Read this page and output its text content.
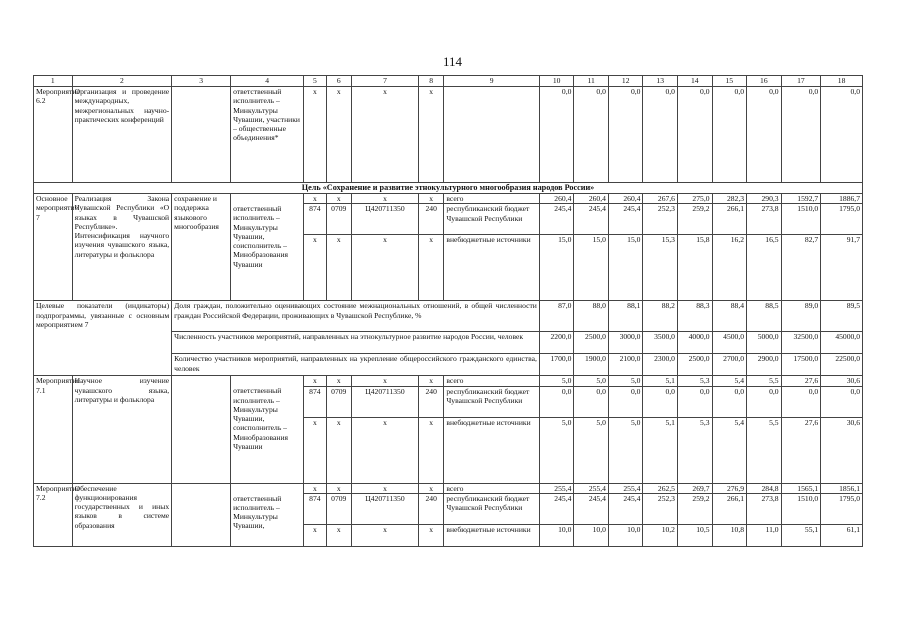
114
1	2	3	4	5	6	7	8	9	10	11	12	13	14	15	16	17	18
Мероприятие 6.2	Организация и проведение международных, межрегиональных научно-практических конференций		ответственный исполнитель – Минкультуры Чувашии, участники – общественные объединения*	x	x	x	x		0,0	0,0	0,0	0,0	0,0	0,0	0,0	0,0	0,0
Цель «Сохранение и развитие этнокультурного многообразия народов России»																	
Основное мероприятие 7	Реализация Закона Чувашской Республики «О языках в Чувашской Республике». Интенсификация научного изучения чувашского языка, литературы и фольклора	сохранение и поддержка языкового многообразия	ответственный исполнитель – Минкультуры Чувашии, соисполнитель – Минобразования Чувашии	x	x	x	x	всего	260,4	260,4	260,4	267,6	275,0	282,3	290,3	1592,7	1886,7
				874	0709	Ц420711350	240	республиканский бюджет Чувашской Республики	245,4	245,4	245,4	252,3	259,2	266,1	273,8	1510,0	1795,0
				x	x	x	x	внебюджетные источники	15,0	15,0	15,0	15,3	15,8	16,2	16,5	82,7	91,7
Целевые показатели (индикаторы) подпрограммы, увязанные с основным мероприятием 7		Доля граждан, положительно оценивающих состояние межнациональных отношений, в общей численности граждан Российской Федерации, проживающих в Чувашской Республике, %							87,0	88,0	88,1	88,2	88,3	88,4	88,5	89,0	89,5
		Численность участников мероприятий, направленных на этнокультурное развитие народов России, человек							2200,0	2500,0	3000,0	3500,0	4000,0	4500,0	5000,0	32500,0	45000,0
		Количество участников мероприятий, направленных на укрепление общероссийского гражданского единства, человек							1700,0	1900,0	2100,0	2300,0	2500,0	2700,0	2900,0	17500,0	22500,0
Мероприятие 7.1	Научное изучение чувашского языка, литературы и фольклора		ответственный исполнитель – Минкультуры Чувашии, соисполнитель – Минобразования Чувашии	x	x	x	x	всего	5,0	5,0	5,0	5,1	5,3	5,4	5,5	27,6	30,6
				874	0709	Ц420711350	240	республиканский бюджет Чувашской Республики	0,0	0,0	0,0	0,0	0,0	0,0	0,0	0,0	0,0
				x	x	x	x	внебюджетные источники	5,0	5,0	5,0	5,1	5,3	5,4	5,5	27,6	30,6
Мероприятие 7.2	Обеспечение функционирования государственных и иных языков в системе образования		ответственный исполнитель – Минкультуры Чувашии,	x	x	x	x	всего	255,4	255,4	255,4	262,5	269,7	276,9	284,8	1565,1	1856,1
				874	0709	Ц420711350	240	республиканский бюджет Чувашской Республики	245,4	245,4	245,4	252,3	259,2	266,1	273,8	1510,0	1795,0
				x	x	x	x	внебюджетные источники	10,0	10,0	10,0	10,2	10,5	10,8	11,0	55,1	61,1
